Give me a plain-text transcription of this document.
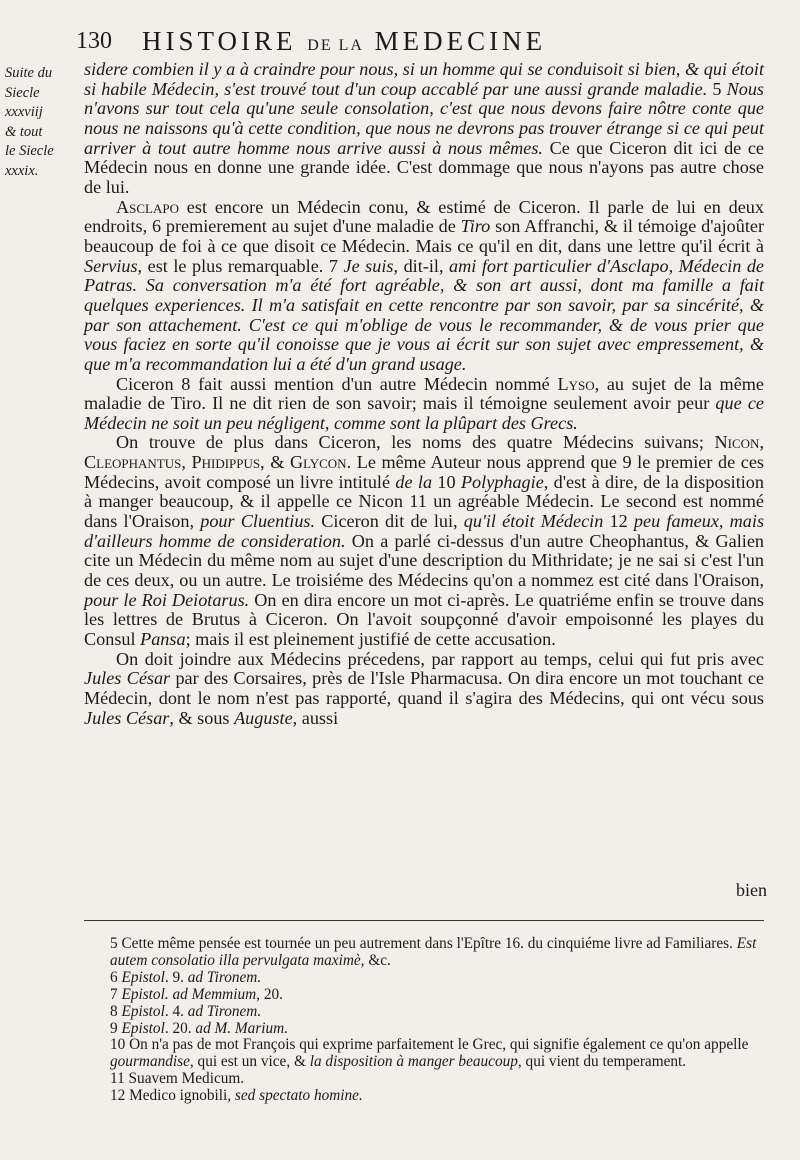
130 HISTOIRE DE LA MEDECINE
Suite du
Siecle
xxxviij
& tout
le Siecle
xxxix.

sidere combien il y a à craindre pour nous, si un homme qui se conduisoit si bien, & qui étoit si habile Médecin, s'est trouvé tout d'un coup accablé par une aussi grande maladie. 5 Nous n'avons sur tout cela qu'une seule consolation, c'est que nous devons faire nôtre conte que nous ne naissons qu'à cette condition, que nous ne devrons pas trouver étrange si ce qui peut arriver à tout autre homme nous arrive aussi à nous mêmes. Ce que Ciceron dit ici de ce Médecin nous en donne une grande idée. C'est dommage que nous n'ayons pas autre chose de lui.

Asclapo est encore un Médecin conu, & estimé de Ciceron. Il parle de lui en deux endroits, 6 premierement au sujet d'une maladie de Tiro son Affranchi, & il témoige d'ajoûter beaucoup de foi à ce que disoit ce Médecin. Mais ce qu'il en dit, dans une lettre qu'il écrit à Servius, est le plus remarquable. 7 Je suis, dit-il, ami fort particulier d'Asclapo, Médecin de Patras. Sa conversation m'a été fort agréable, & son art aussi, dont ma famille a fait quelques experiences. Il m'a satisfait en cette rencontre par son savoir, par sa sincérité, & par son attachement. C'est ce qui m'oblige de vous le recommander, & de vous prier que vous faciez en sorte qu'il conoisse que je vous ai écrit sur son sujet avec empressement, & que m'a recommandation lui a été d'un grand usage.

Ciceron 8 fait aussi mention d'un autre Médecin nommé Lyso, au sujet de la même maladie de Tiro. Il ne dit rien de son savoir; mais il témoigne seulement avoir peur que ce Médecin ne soit un peu négligent, comme sont la plûpart des Grecs.

On trouve de plus dans Ciceron, les noms des quatre Médecins suivans; Nicon, Cleophantus, Phidippus, & Glycon. Le même Auteur nous apprend que 9 le premier de ces Médecins, avoit composé un livre intitulé de la 10 Polyphagie, d'est à dire, de la disposition à manger beaucoup, & il appelle ce Nicon 11 un agréable Médecin. Le second est nommé dans l'Oraison, pour Cluentius. Ciceron dit de lui, qu'il étoit Médecin 12 peu fameux, mais d'ailleurs homme de consideration. On a parlé ci-dessus d'un autre Cheophantus, & Galien cite un Médecin du même nom au sujet d'une description du Mithridate; je ne sai si c'est l'un de ces deux, ou un autre. Le troisiéme des Médecins qu'on a nommez est cité dans l'Oraison, pour le Roi Deiotarus. On en dira encore un mot ci-après. Le quatriéme enfin se trouve dans les lettres de Brutus à Ciceron. On l'avoit soupçonné d'avoir empoisonné les playes du Consul Pansa; mais il est pleinement justifié de cette accusation.

On doit joindre aux Médecins précedens, par rapport au temps, celui qui fut pris avec Jules César par des Corsaires, près de l'Isle Pharmacusa. On dira encore un mot touchant ce Médecin, dont le nom n'est pas rapporté, quand il s'agira des Médecins, qui ont vécu sous Jules César, & sous Auguste, aussi

bien

5 Cette même pensée est tournée un peu autrement dans l'Epître 16. du cinquiéme livre ad Familiares. Est autem consolatio illa pervulgata maximè, &c.

6 Epistol. 9. ad Tironem.

7 Epistol. ad Memmium, 20.

8 Epistol. 4. ad Tironem.

9 Epistol. 20. ad M. Marium.

10 On n'a pas de mot François qui exprime parfaitement le Grec, qui signifie également ce qu'on appelle gourmandise, qui est un vice, & la disposition à manger beaucoup, qui vient du temperament.

11 Suavem Medicum.

12 Medico ignobili, sed spectato homine.
